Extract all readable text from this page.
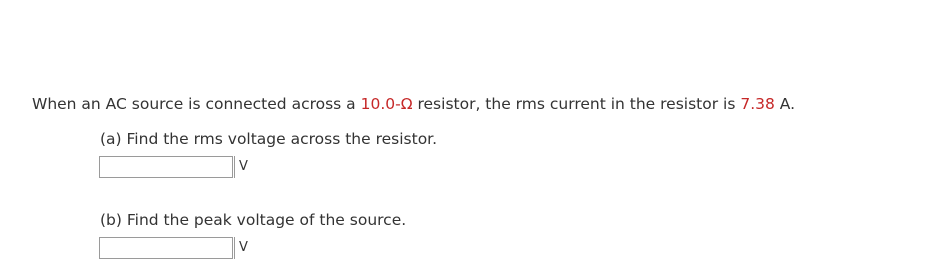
When an AC source is connected across a 10.0-Ω resistor, the rms current in the resistor is 7.38 A.
(a) Find the rms voltage across the resistor.
V
(b) Find the peak voltage of the source.
V
